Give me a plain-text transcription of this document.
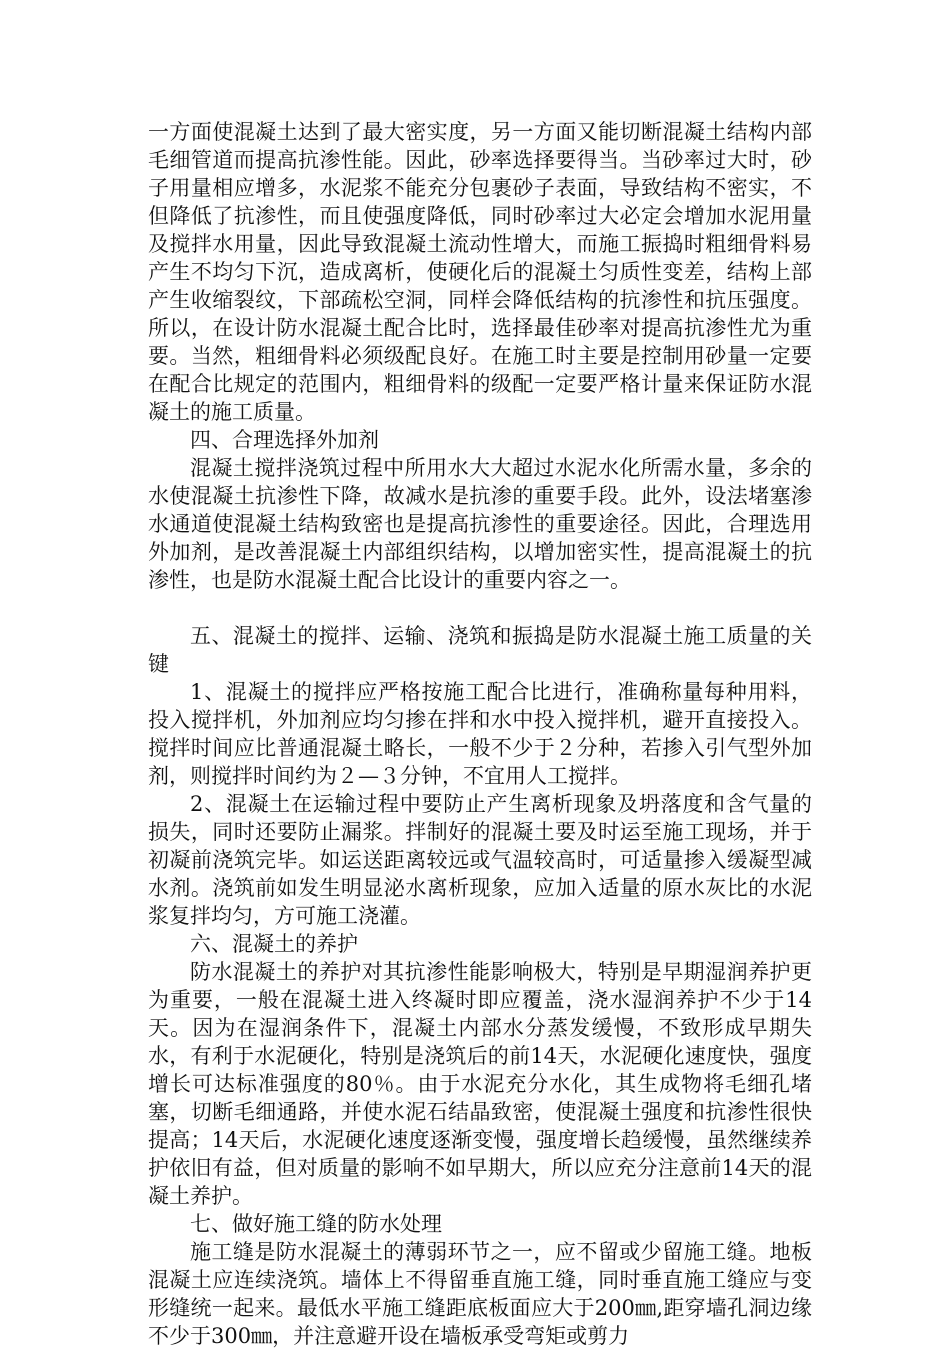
一方面使混凝土达到了最大密实度，另一方面又能切断混凝土结构内部毛细管道而提高抗渗性能。因此，砂率选择要得当。当砂率过大时，砂子用量相应增多，水泥浆不能充分包裹砂子表面，导致结构不密实，不但降低了抗渗性，而且使强度降低，同时砂率过大必定会增加水泥用量及搅拌水用量，因此导致混凝土流动性增大，而施工振捣时粗细骨料易产生不均匀下沉，造成离析，使硬化后的混凝土匀质性变差，结构上部产生收缩裂纹，下部疏松空洞，同样会降低结构的抗渗性和抗压强度。所以，在设计防水混凝土配合比时，选择最佳砂率对提高抗渗性尤为重要。当然，粗细骨料必须级配良好。在施工时主要是控制用砂量一定要在配合比规定的范围内，粗细骨料的级配一定要严格计量来保证防水混凝土的施工质量。

四、合理选择外加剂

混凝土搅拌浇筑过程中所用水大大超过水泥水化所需水量，多余的水使混凝土抗渗性下降，故减水是抗渗的重要手段。此外，设法堵塞渗水通道使混凝土结构致密也是提高抗渗性的重要途径。因此，合理选用外加剂，是改善混凝土内部组织结构，以增加密实性，提高混凝土的抗渗性，也是防水混凝土配合比设计的重要内容之一。

五、混凝土的搅拌、运输、浇筑和振捣是防水混凝土施工质量的关键

1、混凝土的搅拌应严格按施工配合比进行，准确称量每种用料，投入搅拌机，外加剂应均匀掺在拌和水中投入搅拌机，避开直接投入。搅拌时间应比普通混凝土略长，一般不少于２分种，若掺入引气型外加剂，则搅拌时间约为２—３分钟，不宜用人工搅拌。

2、混凝土在运输过程中要防止产生离析现象及坍落度和含气量的损失，同时还要防止漏浆。拌制好的混凝土要及时运至施工现场，并于初凝前浇筑完毕。如运送距离较远或气温较高时，可适量掺入缓凝型减水剂。浇筑前如发生明显泌水离析现象，应加入适量的原水灰比的水泥浆复拌均匀，方可施工浇灌。

六、混凝土的养护

防水混凝土的养护对其抗渗性能影响极大，特别是早期湿润养护更为重要，一般在混凝土进入终凝时即应覆盖，浇水湿润养护不少于14天。因为在湿润条件下，混凝土内部水分蒸发缓慢，不致形成早期失水，有利于水泥硬化，特别是浇筑后的前14天，水泥硬化速度快，强度增长可达标准强度的80％。由于水泥充分水化，其生成物将毛细孔堵塞，切断毛细通路，并使水泥石结晶致密，使混凝土强度和抗渗性很快提高；14天后，水泥硬化速度逐渐变慢，强度增长趋缓慢，虽然继续养护依旧有益，但对质量的影响不如早期大，所以应充分注意前14天的混凝土养护。

七、做好施工缝的防水处理

施工缝是防水混凝土的薄弱环节之一，应不留或少留施工缝。地板混凝土应连续浇筑。墙体上不得留垂直施工缝，同时垂直施工缝应与变形缝统一起来。最低水平施工缝距底板面应大于200㎜,距穿墙孔洞边缘不少于300㎜，并注意避开设在墙板承受弯矩或剪力
